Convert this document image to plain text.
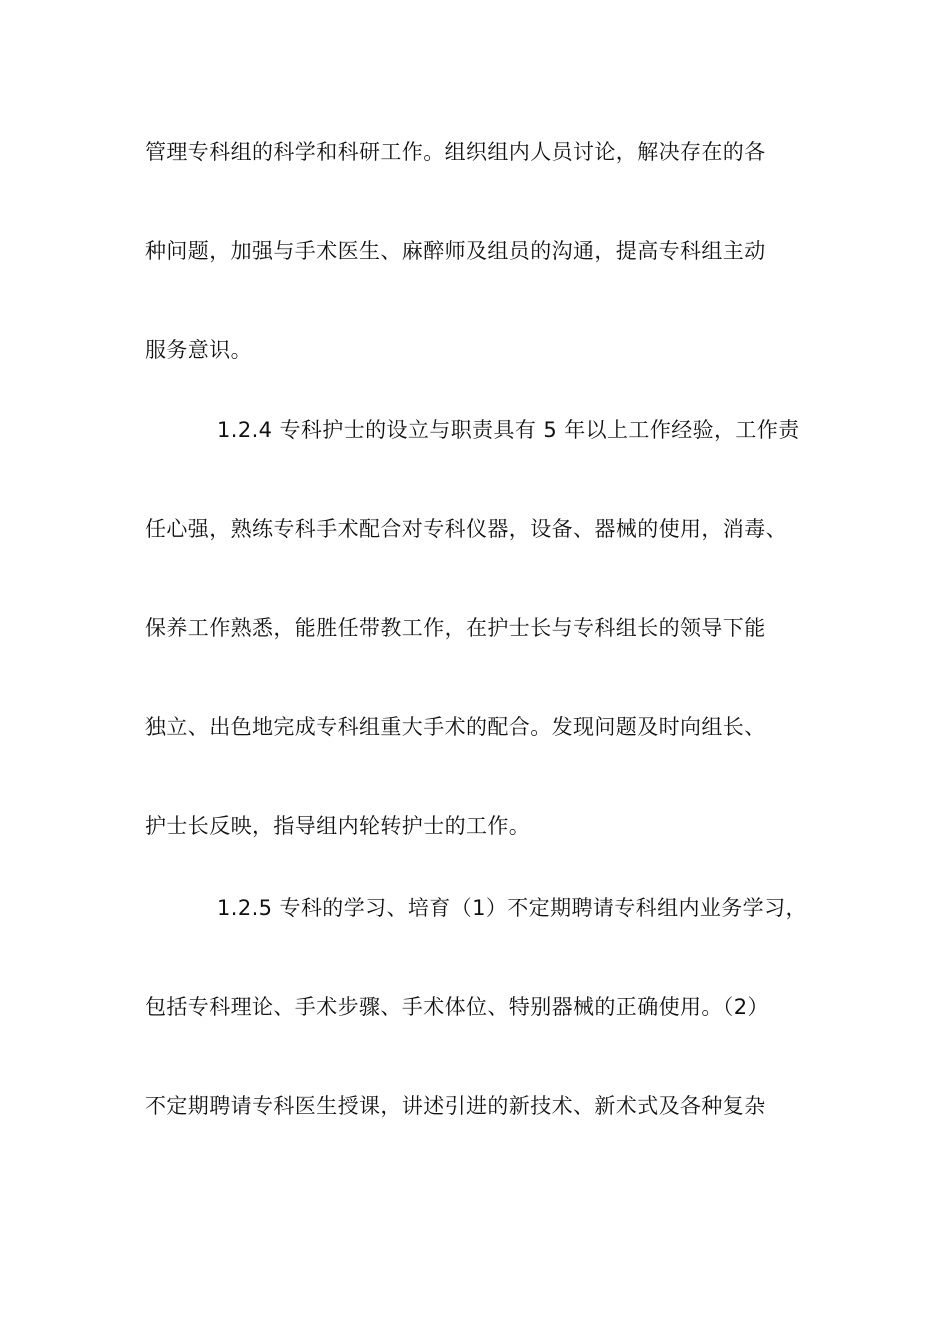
管理专科组的科学和科研工作。组织组内人员讨论，解决存在的各
种问题，加强与手术医生、麻醉师及组员的沟通，提高专科组主动
服务意识。
1.2.4 专科护士的设立与职责具有 5 年以上工作经验，工作责
任心强，熟练专科手术配合对专科仪器，设备、器械的使用，消毒、
保养工作熟悉，能胜任带教工作，在护士长与专科组长的领导下能
独立、出色地完成专科组重大手术的配合。发现问题及时向组长、
护士长反映，指导组内轮转护士的工作。
1.2.5 专科的学习、培育（1）不定期聘请专科组内业务学习，
包括专科理论、手术步骤、手术体位、特别器械的正确使用。（2）
不定期聘请专科医生授课，讲述引进的新技术、新术式及各种复杂
